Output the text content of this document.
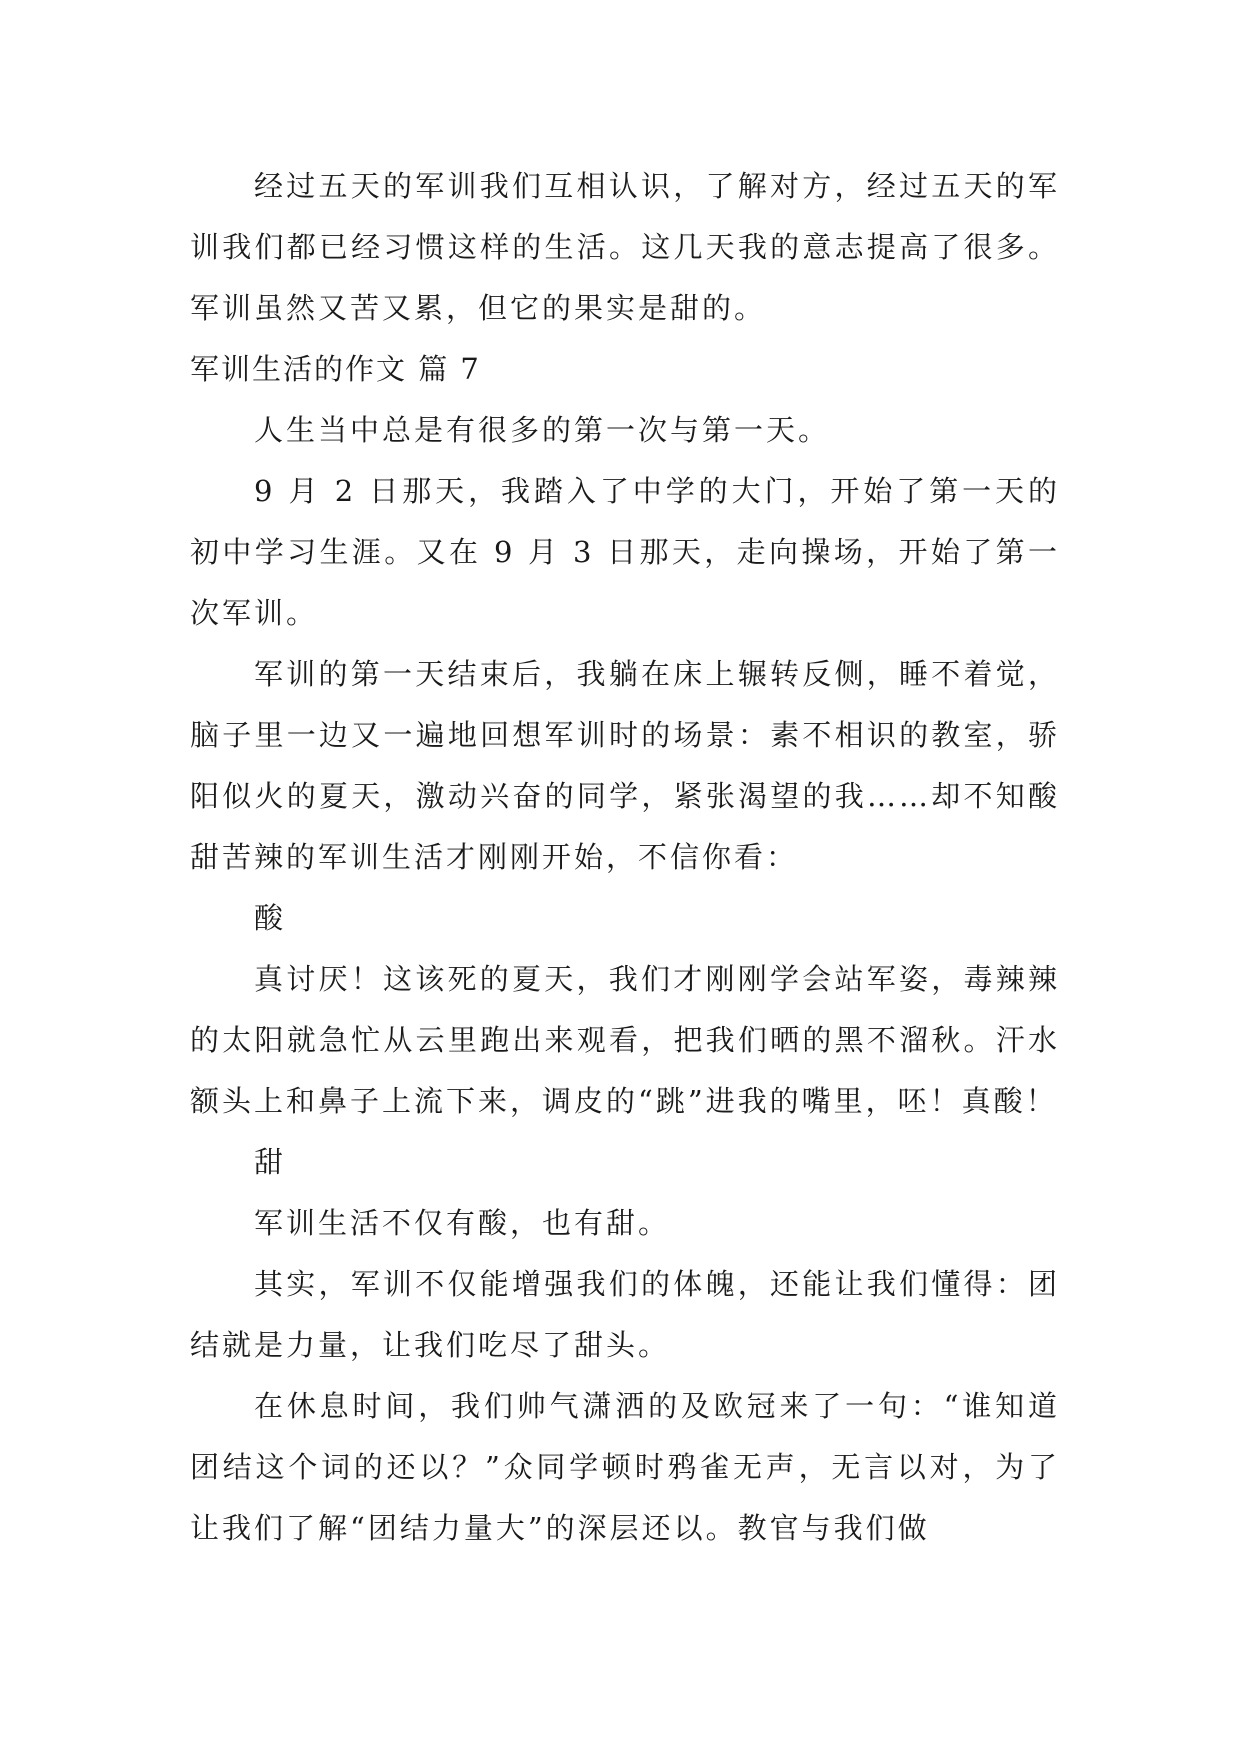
经过五天的军训我们互相认识，了解对方，经过五天的军训我们都已经习惯这样的生活。这几天我的意志提高了很多。军训虽然又苦又累，但它的果实是甜的。

军训生活的作文 篇 7

人生当中总是有很多的第一次与第一天。

9 月 2 日那天，我踏入了中学的大门，开始了第一天的初中学习生涯。又在 9 月 3 日那天，走向操场，开始了第一次军训。

军训的第一天结束后，我躺在床上辗转反侧，睡不着觉，脑子里一边又一遍地回想军训时的场景：素不相识的教室，骄阳似火的夏天，激动兴奋的同学，紧张渴望的我……却不知酸甜苦辣的军训生活才刚刚开始，不信你看：

酸

真讨厌！这该死的夏天，我们才刚刚学会站军姿，毒辣辣的太阳就急忙从云里跑出来观看，把我们晒的黑不溜秋。汗水额头上和鼻子上流下来，调皮的“跳”进我的嘴里，呸！真酸！

甜

军训生活不仅有酸，也有甜。

其实，军训不仅能增强我们的体魄，还能让我们懂得：团结就是力量，让我们吃尽了甜头。

在休息时间，我们帅气潇洒的及欧冠来了一句：“谁知道团结这个词的还以？”众同学顿时鸦雀无声，无言以对，为了让我们了解“团结力量大”的深层还以。教官与我们做
